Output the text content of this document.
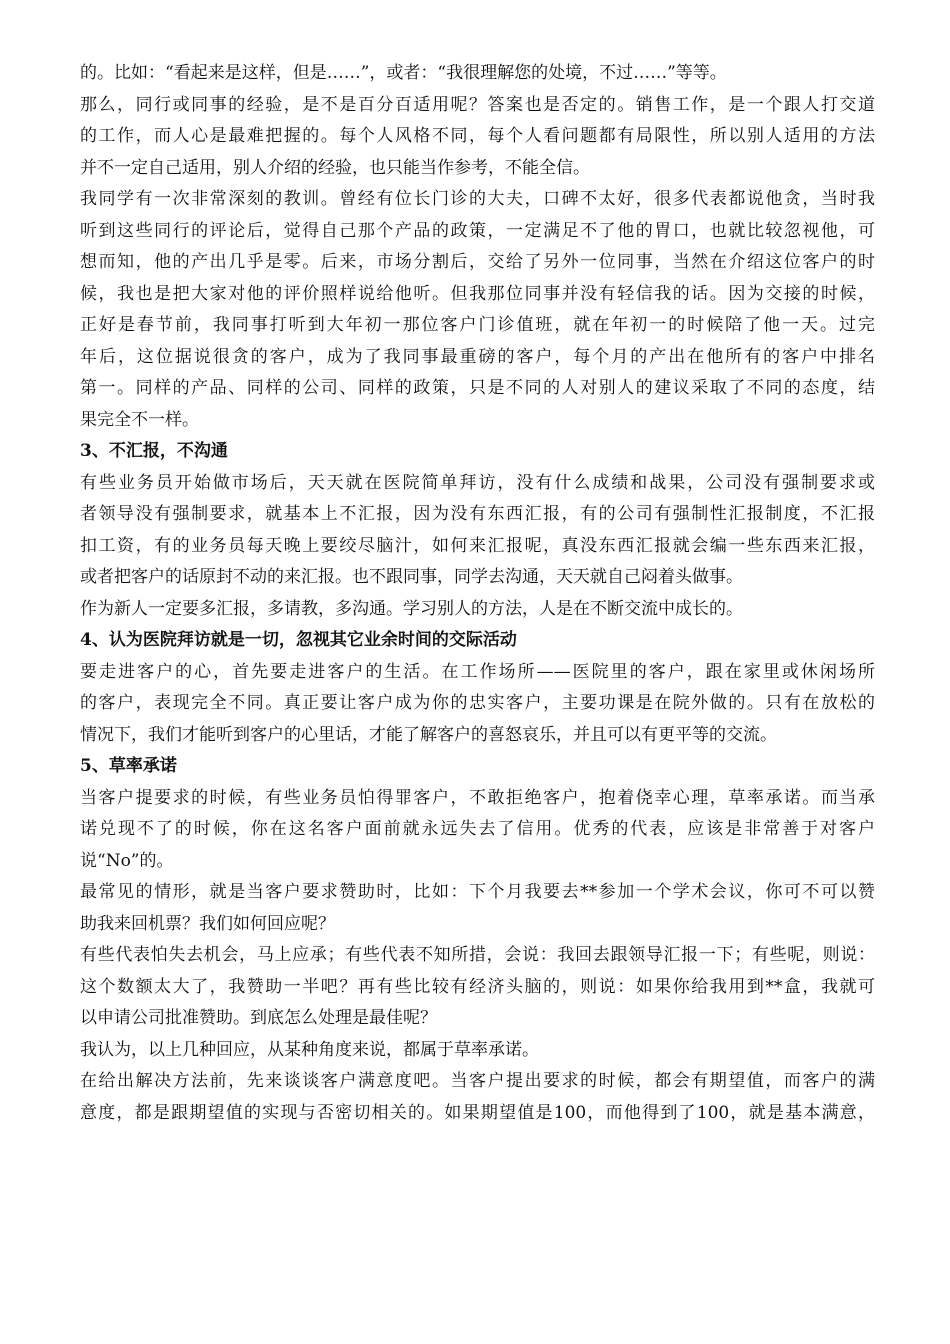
的。比如：“看起来是这样，但是……”，或者：“我很理解您的处境，不过……”等等。
那么，同行或同事的经验，是不是百分百适用呢？答案也是否定的。销售工作，是一个跟人打交道
的工作，而人心是最难把握的。每个人风格不同，每个人看问题都有局限性，所以别人适用的方法
并不一定自己适用，别人介绍的经验，也只能当作参考，不能全信。
我同学有一次非常深刻的教训。曾经有位长门诊的大夫，口碑不太好，很多代表都说他贪，当时我
听到这些同行的评论后，觉得自己那个产品的政策，一定满足不了他的胃口，也就比较忽视他，可
想而知，他的产出几乎是零。后来，市场分割后，交给了另外一位同事，当然在介绍这位客户的时
候，我也是把大家对他的评价照样说给他听。但我那位同事并没有轻信我的话。因为交接的时候，
正好是春节前，我同事打听到大年初一那位客户门诊值班，就在年初一的时候陪了他一天。过完
年后，这位据说很贪的客户，成为了我同事最重磅的客户，每个月的产出在他所有的客户中排名
第一。同样的产品、同样的公司、同样的政策，只是不同的人对别人的建议采取了不同的态度，结
果完全不一样。
3、不汇报，不沟通
有些业务员开始做市场后，天天就在医院简单拜访，没有什么成绩和战果，公司没有强制要求或
者领导没有强制要求，就基本上不汇报，因为没有东西汇报，有的公司有强制性汇报制度，不汇报
扣工资，有的业务员每天晚上要绞尽脑汁，如何来汇报呢，真没东西汇报就会编一些东西来汇报，
或者把客户的话原封不动的来汇报。也不跟同事，同学去沟通，天天就自己闷着头做事。
作为新人一定要多汇报，多请教，多沟通。学习别人的方法，人是在不断交流中成长的。
4、认为医院拜访就是一切，忽视其它业余时间的交际活动
要走进客户的心，首先要走进客户的生活。在工作场所——医院里的客户，跟在家里或休闲场所
的客户，表现完全不同。真正要让客户成为你的忠实客户，主要功课是在院外做的。只有在放松的
情况下，我们才能听到客户的心里话，才能了解客户的喜怒哀乐，并且可以有更平等的交流。
5、草率承诺
当客户提要求的时候，有些业务员怕得罪客户，不敢拒绝客户，抱着侥幸心理，草率承诺。而当承
诺兑现不了的时候，你在这名客户面前就永远失去了信用。优秀的代表，应该是非常善于对客户
说“No”的。
最常见的情形，就是当客户要求赞助时，比如：下个月我要去**参加一个学术会议，你可不可以赞
助我来回机票？我们如何回应呢？
有些代表怕失去机会，马上应承；有些代表不知所措，会说：我回去跟领导汇报一下；有些呢，则说：
这个数额太大了，我赞助一半吧？再有些比较有经济头脑的，则说：如果你给我用到**盒，我就可
以申请公司批准赞助。到底怎么处理是最佳呢？
我认为，以上几种回应，从某种角度来说，都属于草率承诺。
在给出解决方法前，先来谈谈客户满意度吧。当客户提出要求的时候，都会有期望值，而客户的满
意度，都是跟期望值的实现与否密切相关的。如果期望值是100，而他得到了100，就是基本满意，
